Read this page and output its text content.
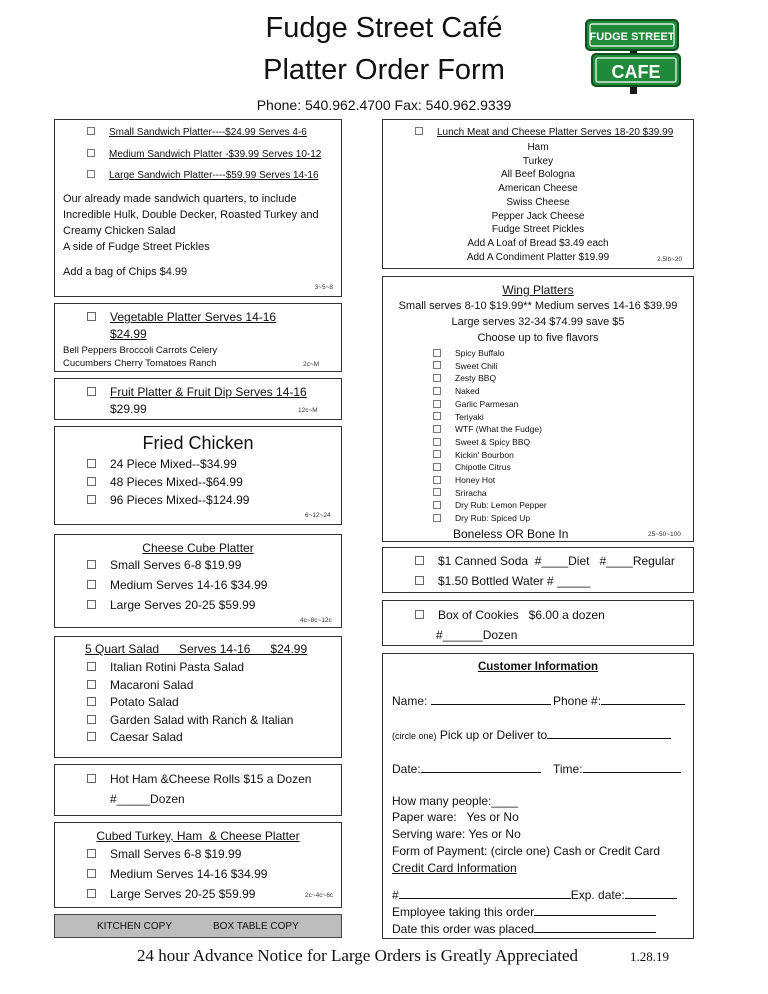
Fudge Street Café
Platter Order Form
Phone: 540.962.4700 Fax: 540.962.9339
FUDGE STREET
CAFE
Small Sandwich Platter----$24.99 Serves 4-6
Medium Sandwich Platter -$39.99 Serves 10-12
Large Sandwich Platter----$59.99 Serves 14-16
Our already made sandwich quarters, to include
Incredible Hulk, Double Decker, Roasted Turkey and
Creamy Chicken Salad
A side of Fudge Street Pickles
Add a bag of Chips $4.99
3~5~8
Vegetable Platter Serves 14-16
$24.99
Bell Peppers Broccoli Carrots Celery
Cucumbers Cherry Tomatoes Ranch	2c~M
Fruit Platter & Fruit Dip Serves 14-16
$29.99	12c~M
Fried Chicken
24 Piece Mixed--$34.99
48 Pieces Mixed--$64.99
96 Pieces Mixed--$124.99
6~12~24
Cheese Cube Platter
Small Serves 6-8 $19.99
Medium Serves 14-16 $34.99
Large Serves 20-25 $59.99
4c~8c~12c
5 Quart Salad      Serves 14-16      $24.99
Italian Rotini Pasta Salad
Macaroni Salad
Potato Salad
Garden Salad with Ranch & Italian
Caesar Salad
Hot Ham &Cheese Rolls $15 a Dozen
#_____Dozen
Cubed Turkey, Ham  & Cheese Platter
Small Serves 6-8 $19.99
Medium Serves 14-16 $34.99
Large Serves 20-25 $59.99	2c~4c~6c
KITCHEN COPY	BOX TABLE COPY
Lunch Meat and Cheese Platter Serves 18-20 $39.99
Ham
Turkey
All Beef Bologna
American Cheese
Swiss Cheese
Pepper Jack Cheese
Fudge Street Pickles
Add A Loaf of Bread $3.49 each
Add A Condiment Platter $19.99	2.5lb~20
Wing Platters
Small serves 8-10 $19.99** Medium serves 14-16 $39.99
Large serves 32-34 $74.99 save $5
Choose up to five flavors
Spicy Buffalo
Sweet Chili
Zesty BBQ
Naked
Garlic Parmesan
Teriyaki
WTF (What the Fudge)
Sweet & Spicy BBQ
Kickin' Bourbon
Chipotle Citrus
Honey Hot
Sriracha
Dry Rub: Lemon Pepper
Dry Rub: Spiced Up
Boneless OR Bone In	25~50~100
$1 Canned Soda  #____Diet   #____Regular
$1.50 Bottled Water # _____
Box of Cookies   $6.00 a dozen
#______Dozen
Customer Information
Name:	Phone #:
(circle one) Pick up or Deliver to
Date:	Time:
How many people:____
Paper ware:   Yes or No
Serving ware: Yes or No
Form of Payment: (circle one) Cash or Credit Card
Credit Card Information
#	Exp. date:
Employee taking this order
Date this order was placed
24 hour Advance Notice for Large Orders is Greatly Appreciated	1.28.19
